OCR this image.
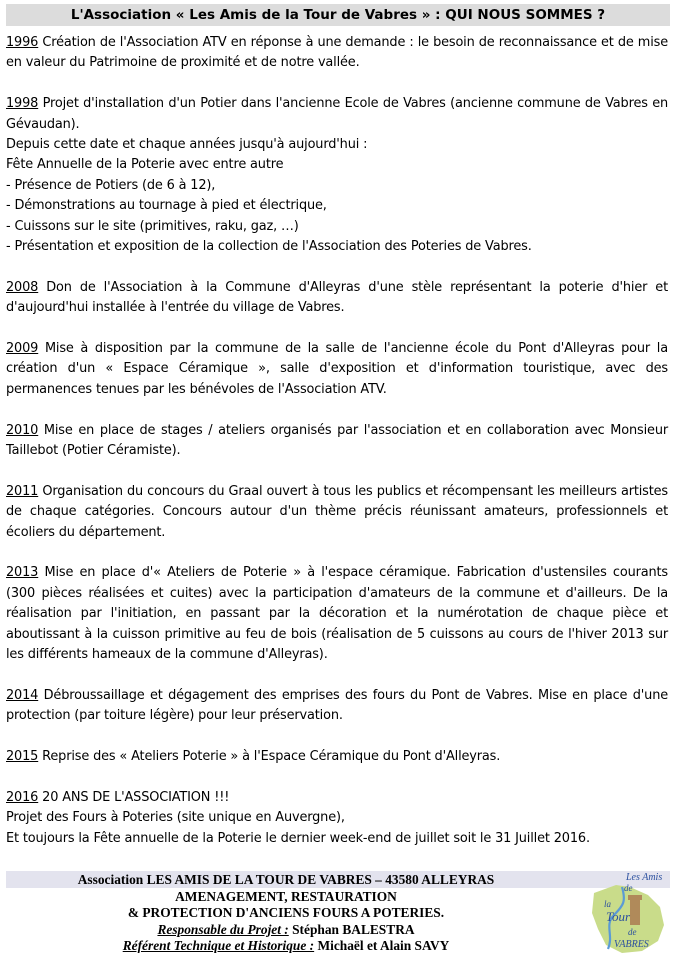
L'Association « Les Amis de la Tour de Vabres » : QUI NOUS SOMMES ?

1996 Création de l'Association ATV en réponse à une demande : le besoin de reconnaissance et de mise en valeur du Patrimoine de proximité et de notre vallée.

1998 Projet d'installation d'un Potier dans l'ancienne Ecole de Vabres (ancienne commune de Vabres en Gévaudan).
Depuis cette date et chaque années jusqu'à aujourd'hui :
Fête Annuelle de la Poterie avec entre autre
- Présence de Potiers (de 6 à 12),
- Démonstrations au tournage à pied et électrique,
- Cuissons sur le site (primitives, raku, gaz, …)
- Présentation et exposition de la collection de l'Association des Poteries de Vabres.

2008 Don de l'Association à la Commune d'Alleyras d'une stèle représentant la poterie d'hier et d'aujourd'hui installée à l'entrée du village de Vabres.

2009 Mise à disposition par la commune de la salle de l'ancienne école du Pont d'Alleyras pour la création d'un « Espace Céramique », salle d'exposition et d'information touristique, avec des permanences tenues par les bénévoles de l'Association ATV.

2010 Mise en place de stages / ateliers organisés par l'association et en collaboration avec Monsieur Taillebot (Potier Céramiste).

2011 Organisation du concours du Graal ouvert à tous les publics et récompensant les meilleurs artistes de chaque catégories. Concours autour d'un thème précis réunissant amateurs, professionnels et écoliers du département.

2013 Mise en place d'« Ateliers de Poterie » à l'espace céramique. Fabrication d'ustensiles courants (300 pièces réalisées et cuites) avec la participation d'amateurs de la commune et d'ailleurs. De la réalisation par l'initiation, en passant par la décoration et la numérotation de chaque pièce et aboutissant à la cuisson primitive au feu de bois (réalisation de 5 cuissons au cours de l'hiver 2013 sur les différents hameaux de la commune d'Alleyras).

2014 Débroussaillage et dégagement des emprises des fours du Pont de Vabres. Mise en place d'une protection (par toiture légère) pour leur préservation.

2015 Reprise des « Ateliers Poterie » à l'Espace Céramique du Pont d'Alleyras.

2016 20 ANS DE L'ASSOCIATION !!!
Projet des Fours à Poteries (site unique en Auvergne),
Et toujours la Fête annuelle de la Poterie le dernier week-end de juillet soit le 31 Juillet 2016.

Association LES AMIS DE LA TOUR DE VABRES – 43580 ALLEYRAS
AMENAGEMENT, RESTAURATION
& PROTECTION D'ANCIENS FOURS A POTERIES.
Responsable du Projet : Stéphan BALESTRA
Référent Technique et Historique : Michaël et Alain SAVY
Les Amis
de
la
Tour
de
VABRES
